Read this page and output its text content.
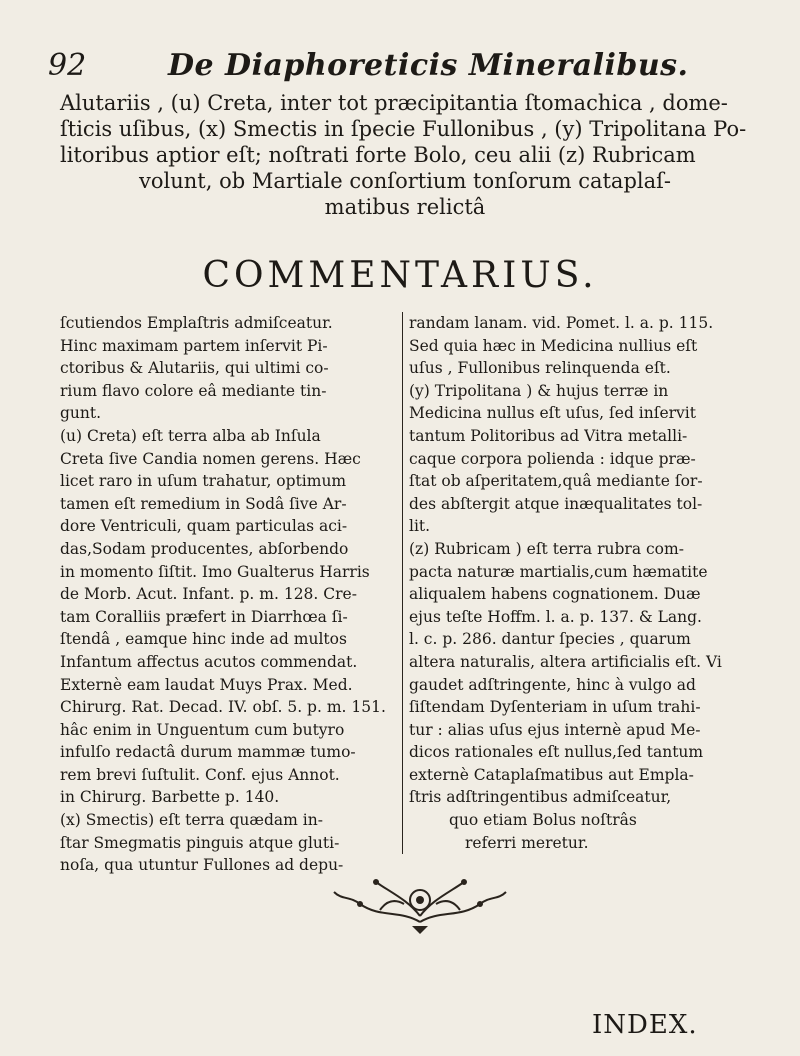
92	De Diaphoreticis Mineralibus.
Alutariis , (u) Creta, inter tot præcipitantia ſtomachica , dome-
ſticis uſibus, (x) Smectis in ſpecie Fullonibus , (y) Tripolitana Po-
litoribus aptior eſt; noſtrati forte Bolo, ceu alii (z) Rubricam
volunt, ob Martiale conſortium tonſorum cataplaſ-
matibus relictâ
COMMENTARIUS.
ſcutiendos Emplaſtris admiſceatur.
Hinc maximam partem inſervit Pi-
ctoribus & Alutariis, qui ultimi co-
rium flavo colore eâ mediante tin-
gunt.
(u) Creta) eſt terra alba ab Inſula
Creta ſive Candia nomen gerens. Hæc
licet raro in uſum trahatur, optimum
tamen eſt remedium in Sodâ ſive Ar-
dore Ventriculi, quam particulas aci-
das,Sodam producentes, abſorbendo
in momento ſiſtit. Imo Gualterus Harris
de Morb. Acut. Infant. p. m. 128. Cre-
tam Coralliis præfert in Diarrhœa ſi-
ſtendâ , eamque hinc inde ad multos
Infantum affectus acutos commendat.
Externè eam laudat Muys Prax. Med.
Chirurg. Rat. Decad. IV. obſ. 5. p. m. 151.
hâc enim in Unguentum cum butyro
infulſo redactâ durum mammæ tumo-
rem brevi ſuſtulit. Conf. ejus Annot.
in Chirurg. Barbette p. 140.
(x) Smectis) eſt terra quædam in-
ſtar Smegmatis pinguis atque gluti-
noſa, qua utuntur Fullones ad depu-
randam lanam. vid. Pomet. l. a. p. 115.
Sed quia hæc in Medicina nullius eſt
uſus , Fullonibus relinquenda eſt.
(y) Tripolitana ) & hujus terræ in
Medicina nullus eſt uſus, ſed inſervit
tantum Politoribus ad Vitra metalli-
caque corpora polienda : idque præ-
ſtat ob aſperitatem,quâ mediante ſor-
des abſtergit atque inæqualitates tol-
lit.
(z) Rubricam ) eſt terra rubra com-
pacta naturæ martialis,cum hæmatite
aliqualem habens cognationem. Duæ
ejus teſte Hoffm. l. a. p. 137. & Lang.
l. c. p. 286. dantur ſpecies , quarum
altera naturalis, altera artificialis eſt. Vi
gaudet adſtringente, hinc à vulgo ad
ſiſtendam Dyſenteriam in uſum trahi-
tur : alias uſus ejus internè apud Me-
dicos rationales eſt nullus,ſed tantum
externè Cataplaſmatibus aut Empla-
ſtris adſtringentibus admiſceatur,
quo etiam Bolus noſtrâs
referri meretur.
INDEX.
